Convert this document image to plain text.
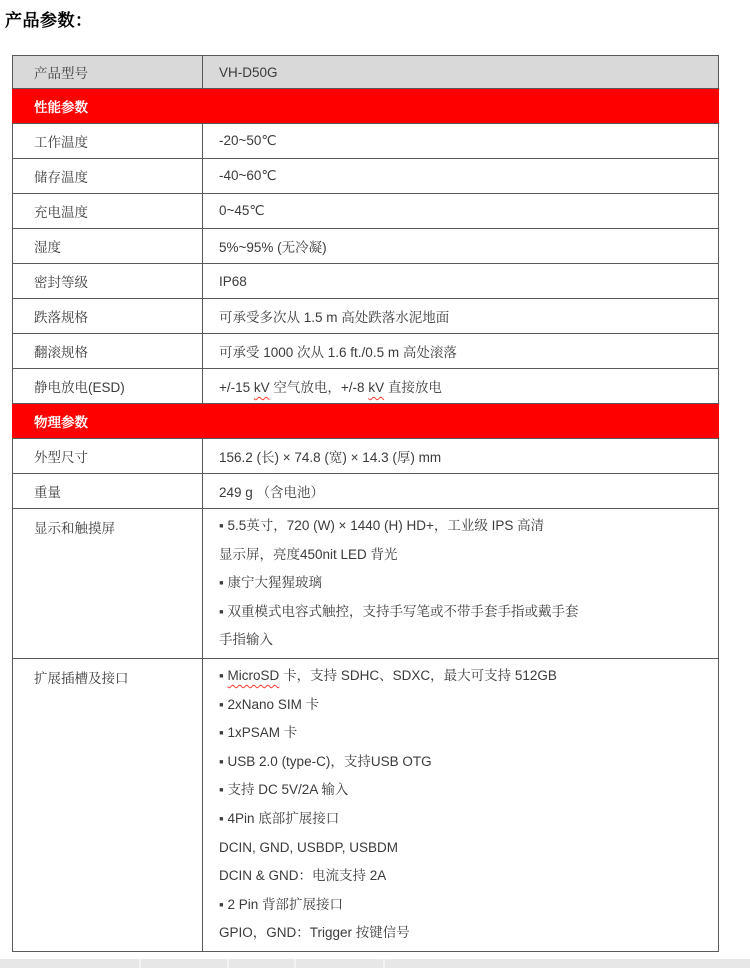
产品参数：
产品型号	VH-D50G

性能参数	
工作温度	-20~50℃

储存温度	-40~60℃

充电温度	0~45℃

湿度	5%~95% (无冷凝)

密封等级	IP68

跌落规格	可承受多次从 1.5 m 高处跌落水泥地面

翻滚规格	可承受 1000 次从 1.6 ft./0.5 m 高处滚落

静电放电(ESD)	+/-15 kV 空气放电，+/-8 kV 直接放电

物理参数	
外型尺寸	156.2 (长) × 74.8 (宽) × 14.3 (厚) mm

重量	249 g （含电池）

显示和触摸屏	▪ 5.5英寸，720 (W) × 1440 (H) HD+，工业级 IPS 高清

显示屏，亮度450nit LED 背光

▪ 康宁大猩猩玻璃

▪ 双重模式电容式触控，支持手写笔或不带手套手指或戴手套

手指输入

扩展插槽及接口	▪ MicroSD 卡，支持 SDHC、SDXC，最大可支持 512GB

▪ 2xNano SIM 卡

▪ 1xPSAM 卡

▪ USB 2.0 (type-C)，支持USB OTG

▪ 支持 DC 5V/2A 输入

▪ 4Pin 底部扩展接口

DCIN, GND, USBDP, USBDM

DCIN & GND：电流支持 2A

▪ 2 Pin 背部扩展接口

GPIO，GND：Trigger 按键信号
